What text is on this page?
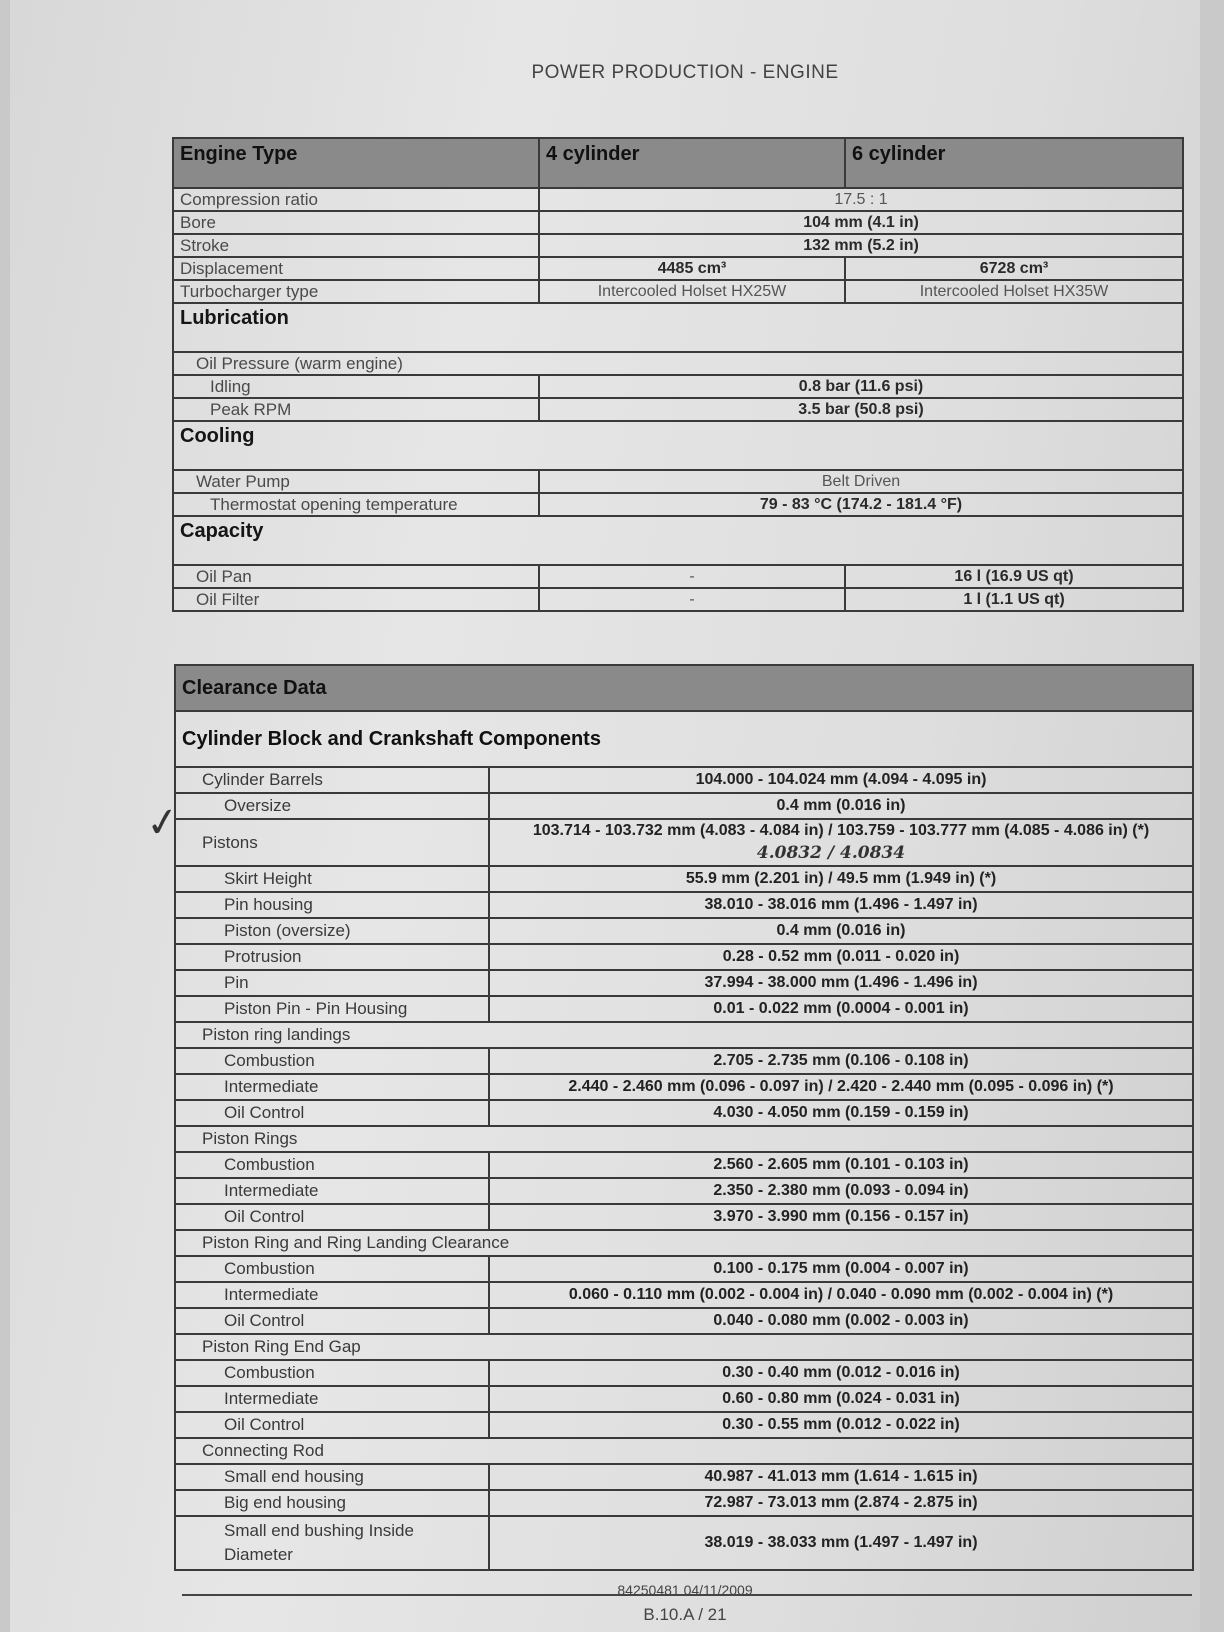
POWER PRODUCTION - ENGINE
Engine Type	4 cylinder	6 cylinder
Compression ratio	17.5 : 1	
Bore	104 mm (4.1 in)	
Stroke	132 mm (5.2 in)	
Displacement	4485 cm³	6728 cm³
Turbocharger type	Intercooled Holset HX25W	Intercooled Holset HX35W
Lubrication		
Oil Pressure (warm engine)		
Idling	0.8 bar (11.6 psi)	
Peak RPM	3.5 bar (50.8 psi)	
Cooling		
Water Pump	Belt Driven	
Thermostat opening temperature	79 - 83 °C (174.2 - 181.4 °F)	
Capacity		
Oil Pan	-	16 l (16.9 US qt)
Oil Filter	-	1 l (1.1 US qt)
✓
Clearance Data	
Cylinder Block and Crankshaft Components	
Cylinder Barrels	104.000 - 104.024 mm (4.094 - 4.095 in)
Oversize	0.4 mm (0.016 in)
Pistons	103.714 - 103.732 mm (4.083 - 4.084 in) / 103.759 - 103.777 mm (4.085 - 4.086 in) (*)
4.0832 / 4.0834
Skirt Height	55.9 mm (2.201 in) / 49.5 mm (1.949 in) (*)
Pin housing	38.010 - 38.016 mm (1.496 - 1.497 in)
Piston (oversize)	0.4 mm (0.016 in)
Protrusion	0.28 - 0.52 mm (0.011 - 0.020 in)
Pin	37.994 - 38.000 mm (1.496 - 1.496 in)
Piston Pin - Pin Housing	0.01 - 0.022 mm (0.0004 - 0.001 in)
Piston ring landings	
Combustion	2.705 - 2.735 mm (0.106 - 0.108 in)
Intermediate	2.440 - 2.460 mm (0.096 - 0.097 in) / 2.420 - 2.440 mm (0.095 - 0.096 in) (*)
Oil Control	4.030 - 4.050 mm (0.159 - 0.159 in)
Piston Rings	
Combustion	2.560 - 2.605 mm (0.101 - 0.103 in)
Intermediate	2.350 - 2.380 mm (0.093 - 0.094 in)
Oil Control	3.970 - 3.990 mm (0.156 - 0.157 in)
Piston Ring and Ring Landing Clearance	
Combustion	0.100 - 0.175 mm (0.004 - 0.007 in)
Intermediate	0.060 - 0.110 mm (0.002 - 0.004 in) / 0.040 - 0.090 mm (0.002 - 0.004 in) (*)
Oil Control	0.040 - 0.080 mm (0.002 - 0.003 in)
Piston Ring End Gap	
Combustion	0.30 - 0.40 mm (0.012 - 0.016 in)
Intermediate	0.60 - 0.80 mm (0.024 - 0.031 in)
Oil Control	0.30 - 0.55 mm (0.012 - 0.022 in)
Connecting Rod	
Small end housing	40.987 - 41.013 mm (1.614 - 1.615 in)
Big end housing	72.987 - 73.013 mm (2.874 - 2.875 in)
Small end bushing Inside Diameter	38.019 - 38.033 mm (1.497 - 1.497 in)
84250481 04/11/2009
B.10.A / 21
